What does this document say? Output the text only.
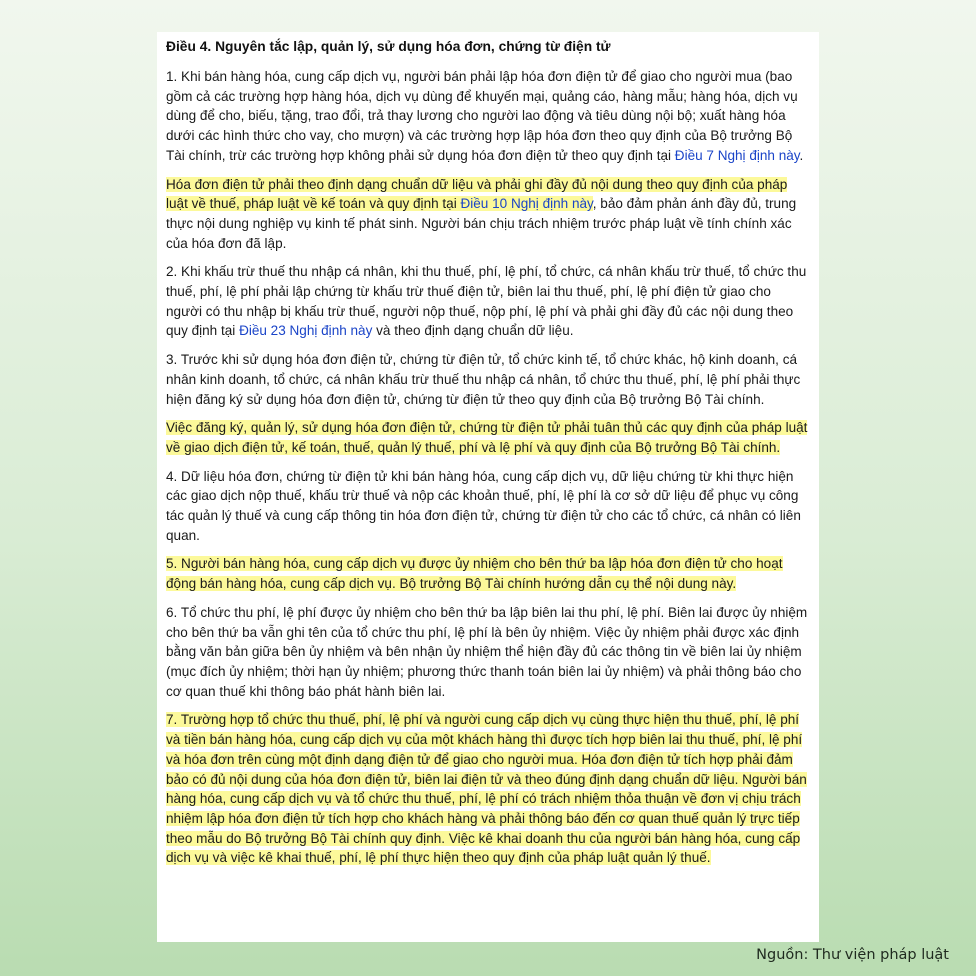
Điều 4. Nguyên tắc lập, quản lý, sử dụng hóa đơn, chứng từ điện tử

1. Khi bán hàng hóa, cung cấp dịch vụ, người bán phải lập hóa đơn điện tử để giao cho người mua (bao gồm cả các trường hợp hàng hóa, dịch vụ dùng để khuyến mại, quảng cáo, hàng mẫu; hàng hóa, dịch vụ dùng để cho, biếu, tặng, trao đổi, trả thay lương cho người lao động và tiêu dùng nội bộ; xuất hàng hóa dưới các hình thức cho vay, cho mượn) và các trường hợp lập hóa đơn theo quy định của Bộ trưởng Bộ Tài chính, trừ các trường hợp không phải sử dụng hóa đơn điện tử theo quy định tại Điều 7 Nghị định này.

Hóa đơn điện tử phải theo định dạng chuẩn dữ liệu và phải ghi đầy đủ nội dung theo quy định của pháp luật về thuế, pháp luật về kế toán và quy định tại Điều 10 Nghị định này, bảo đảm phản ánh đầy đủ, trung thực nội dung nghiệp vụ kinh tế phát sinh. Người bán chịu trách nhiệm trước pháp luật về tính chính xác của hóa đơn đã lập.

2. Khi khấu trừ thuế thu nhập cá nhân, khi thu thuế, phí, lệ phí, tổ chức, cá nhân khấu trừ thuế, tổ chức thu thuế, phí, lệ phí phải lập chứng từ khấu trừ thuế điện tử, biên lai thu thuế, phí, lệ phí điện tử giao cho người có thu nhập bị khấu trừ thuế, người nộp thuế, nộp phí, lệ phí và phải ghi đầy đủ các nội dung theo quy định tại Điều 23 Nghị định này và theo định dạng chuẩn dữ liệu.

3. Trước khi sử dụng hóa đơn điện tử, chứng từ điện tử, tổ chức kinh tế, tổ chức khác, hộ kinh doanh, cá nhân kinh doanh, tổ chức, cá nhân khấu trừ thuế thu nhập cá nhân, tổ chức thu thuế, phí, lệ phí phải thực hiện đăng ký sử dụng hóa đơn điện tử, chứng từ điện tử theo quy định của Bộ trưởng Bộ Tài chính.

Việc đăng ký, quản lý, sử dụng hóa đơn điện tử, chứng từ điện tử phải tuân thủ các quy định của pháp luật về giao dịch điện tử, kế toán, thuế, quản lý thuế, phí và lệ phí và quy định của Bộ trưởng Bộ Tài chính.

4. Dữ liệu hóa đơn, chứng từ điện tử khi bán hàng hóa, cung cấp dịch vụ, dữ liệu chứng từ khi thực hiện các giao dịch nộp thuế, khấu trừ thuế và nộp các khoản thuế, phí, lệ phí là cơ sở dữ liệu để phục vụ công tác quản lý thuế và cung cấp thông tin hóa đơn điện tử, chứng từ điện tử cho các tổ chức, cá nhân có liên quan.

5. Người bán hàng hóa, cung cấp dịch vụ được ủy nhiệm cho bên thứ ba lập hóa đơn điện tử cho hoạt động bán hàng hóa, cung cấp dịch vụ. Bộ trưởng Bộ Tài chính hướng dẫn cụ thể nội dung này.

6. Tổ chức thu phí, lệ phí được ủy nhiệm cho bên thứ ba lập biên lai thu phí, lệ phí. Biên lai được ủy nhiệm cho bên thứ ba vẫn ghi tên của tổ chức thu phí, lệ phí là bên ủy nhiệm. Việc ủy nhiệm phải được xác định bằng văn bản giữa bên ủy nhiệm và bên nhận ủy nhiệm thể hiện đầy đủ các thông tin về biên lai ủy nhiệm (mục đích ủy nhiệm; thời hạn ủy nhiệm; phương thức thanh toán biên lai ủy nhiệm) và phải thông báo cho cơ quan thuế khi thông báo phát hành biên lai.

7. Trường hợp tổ chức thu thuế, phí, lệ phí và người cung cấp dịch vụ cùng thực hiện thu thuế, phí, lệ phí và tiền bán hàng hóa, cung cấp dịch vụ của một khách hàng thì được tích hợp biên lai thu thuế, phí, lệ phí và hóa đơn trên cùng một định dạng điện tử để giao cho người mua. Hóa đơn điện tử tích hợp phải đảm bảo có đủ nội dung của hóa đơn điện tử, biên lai điện tử và theo đúng định dạng chuẩn dữ liệu. Người bán hàng hóa, cung cấp dịch vụ và tổ chức thu thuế, phí, lệ phí có trách nhiệm thỏa thuận về đơn vị chịu trách nhiệm lập hóa đơn điện tử tích hợp cho khách hàng và phải thông báo đến cơ quan thuế quản lý trực tiếp theo mẫu do Bộ trưởng Bộ Tài chính quy định. Việc kê khai doanh thu của người bán hàng hóa, cung cấp dịch vụ và việc kê khai thuế, phí, lệ phí thực hiện theo quy định của pháp luật quản lý thuế.

Nguồn: Thư viện pháp luật
